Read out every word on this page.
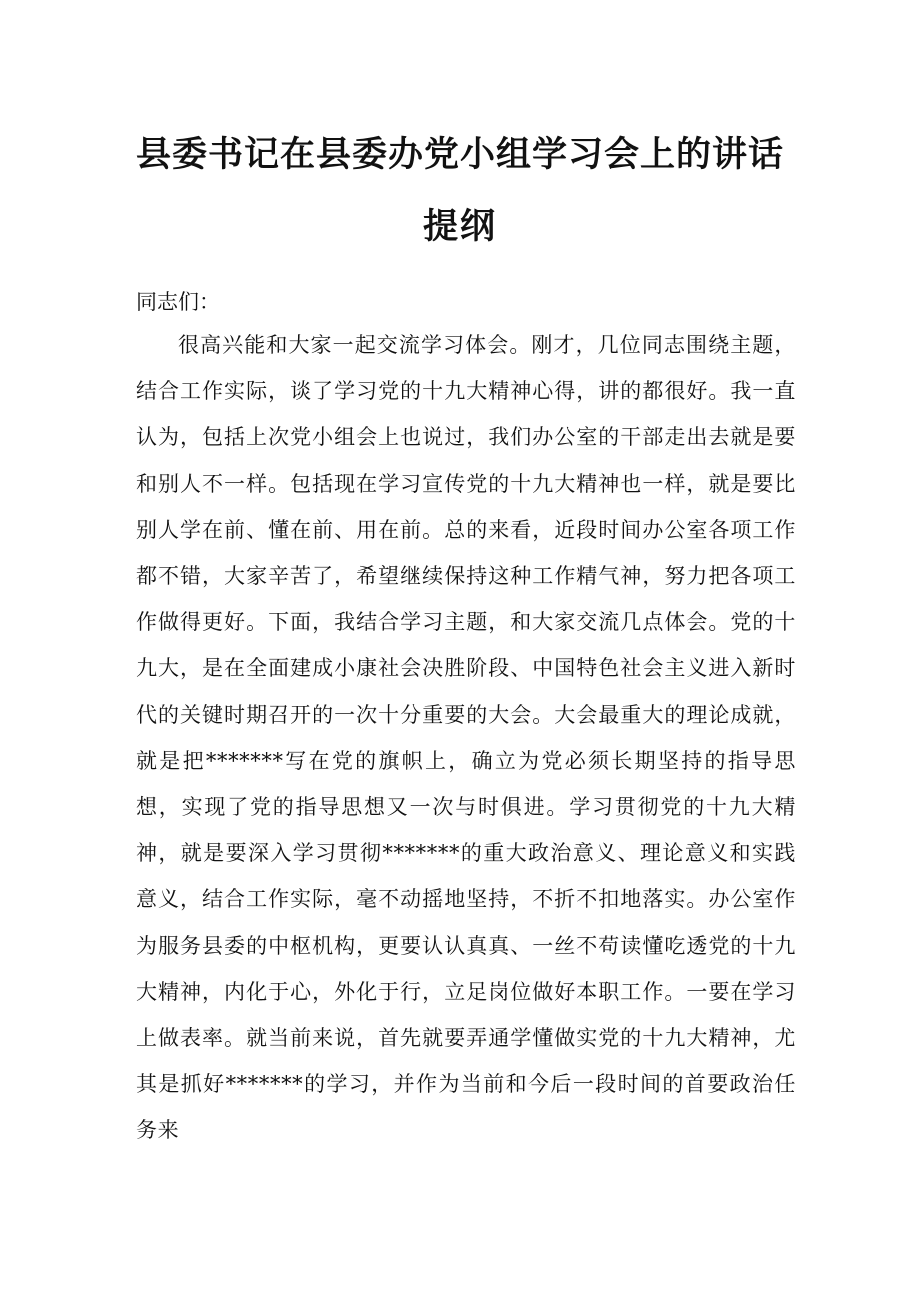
县委书记在县委办党小组学习会上的讲话
提纲
同志们：

很高兴能和大家一起交流学习体会。刚才，几位同志围绕主题，结合工作实际，谈了学习党的十九大精神心得，讲的都很好。我一直认为，包括上次党小组会上也说过，我们办公室的干部走出去就是要和别人不一样。包括现在学习宣传党的十九大精神也一样，就是要比别人学在前、懂在前、用在前。总的来看，近段时间办公室各项工作都不错，大家辛苦了，希望继续保持这种工作精气神，努力把各项工作做得更好。下面，我结合学习主题，和大家交流几点体会。党的十九大，是在全面建成小康社会决胜阶段、中国特色社会主义进入新时代的关键时期召开的一次十分重要的大会。大会最重大的理论成就，就是把*******写在党的旗帜上，确立为党必须长期坚持的指导思想，实现了党的指导思想又一次与时俱进。学习贯彻党的十九大精神，就是要深入学习贯彻*******的重大政治意义、理论意义和实践意义，结合工作实际，毫不动摇地坚持，不折不扣地落实。办公室作为服务县委的中枢机构，更要认认真真、一丝不苟读懂吃透党的十九大精神，内化于心，外化于行，立足岗位做好本职工作。一要在学习上做表率。就当前来说，首先就要弄通学懂做实党的十九大精神，尤其是抓好*******的学习，并作为当前和今后一段时间的首要政治任务来
